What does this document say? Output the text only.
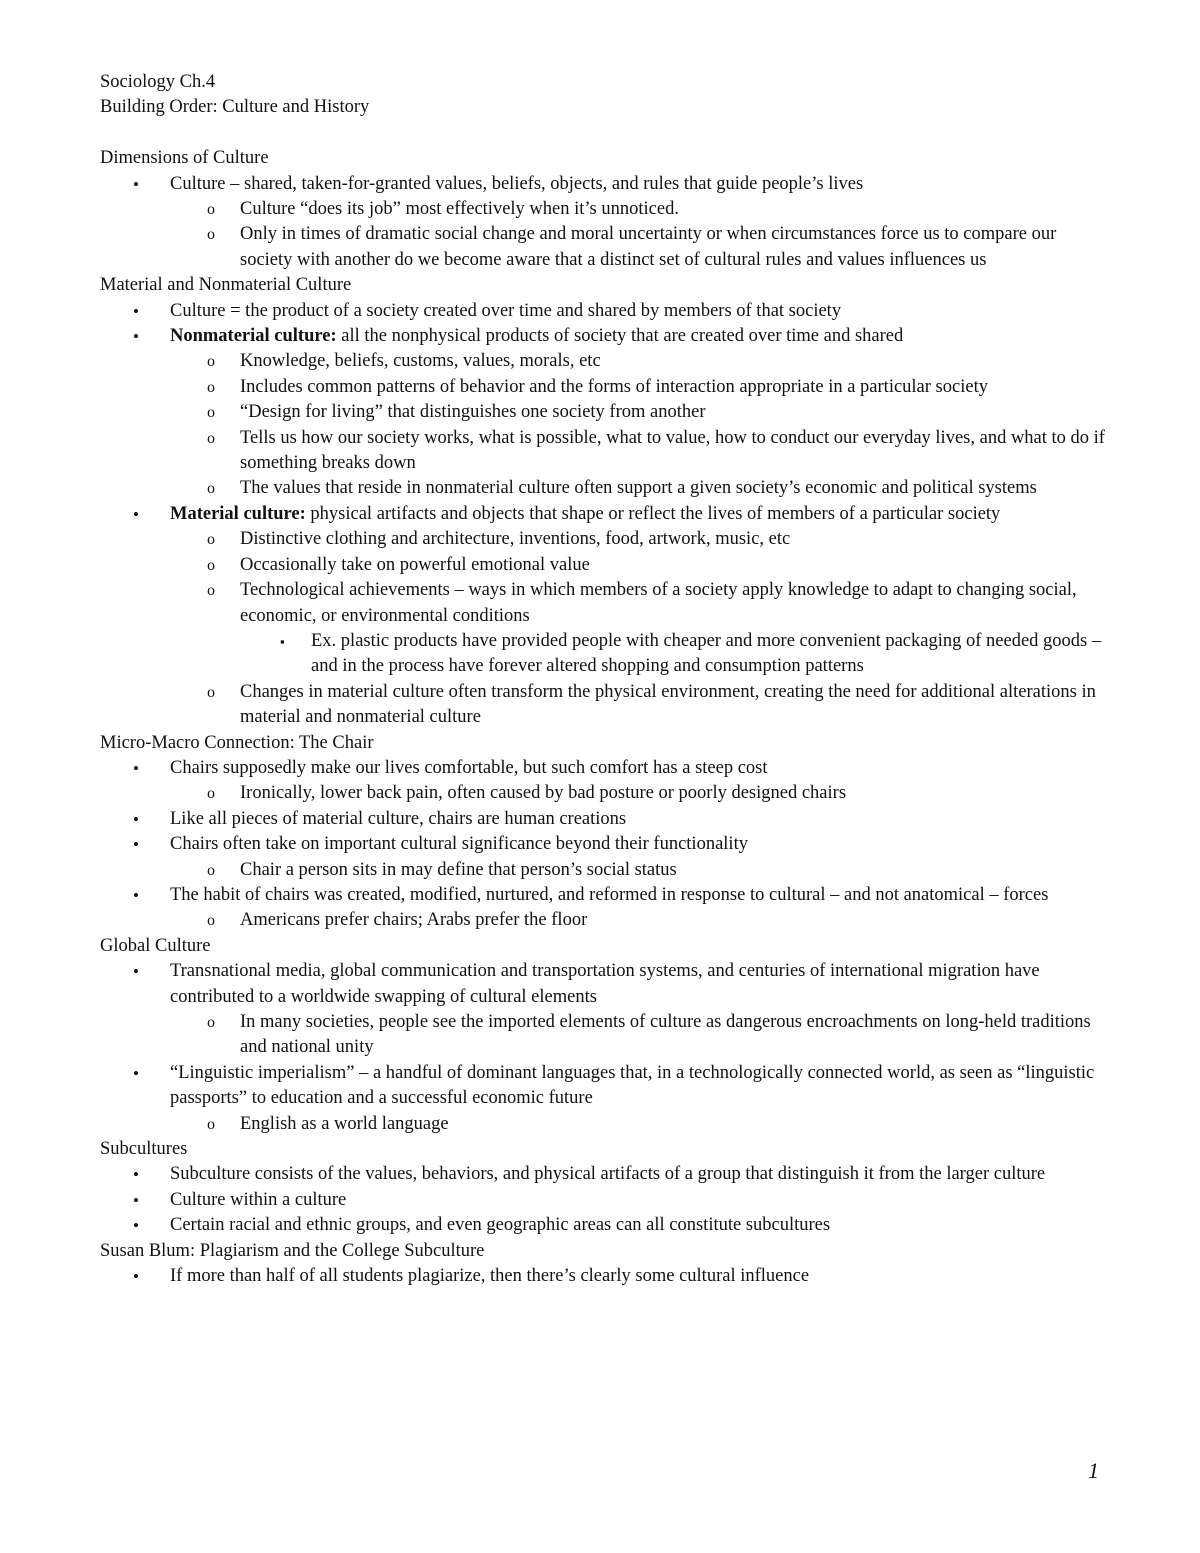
Sociology Ch.4

Building Order: Culture and History

Dimensions of Culture

• Culture – shared, taken-for-granted values, beliefs, objects, and rules that guide people’s lives
o Culture “does its job” most effectively when it’s unnoticed.
o Only in times of dramatic social change and moral uncertainty or when circumstances force us to compare our society with another do we become aware that a distinct set of cultural rules and values influences us

Material and Nonmaterial Culture

• Culture = the product of a society created over time and shared by members of that society
• Nonmaterial culture: all the nonphysical products of society that are created over time and shared
o Knowledge, beliefs, customs, values, morals, etc
o Includes common patterns of behavior and the forms of interaction appropriate in a particular society
o “Design for living” that distinguishes one society from another
o Tells us how our society works, what is possible, what to value, how to conduct our everyday lives, and what to do if something breaks down
o The values that reside in nonmaterial culture often support a given society’s economic and political systems
• Material culture: physical artifacts and objects that shape or reflect the lives of members of a particular society
o Distinctive clothing and architecture, inventions, food, artwork, music, etc
o Occasionally take on powerful emotional value
o Technological achievements – ways in which members of a society apply knowledge to adapt to changing social, economic, or environmental conditions
▪ Ex. plastic products have provided people with cheaper and more convenient packaging of needed goods – and in the process have forever altered shopping and consumption patterns
o Changes in material culture often transform the physical environment, creating the need for additional alterations in material and nonmaterial culture

Micro-Macro Connection: The Chair

• Chairs supposedly make our lives comfortable, but such comfort has a steep cost
o Ironically, lower back pain, often caused by bad posture or poorly designed chairs
• Like all pieces of material culture, chairs are human creations
• Chairs often take on important cultural significance beyond their functionality
o Chair a person sits in may define that person’s social status
• The habit of chairs was created, modified, nurtured, and reformed in response to cultural – and not anatomical – forces
o Americans prefer chairs; Arabs prefer the floor

Global Culture

• Transnational media, global communication and transportation systems, and centuries of international migration have contributed to a worldwide swapping of cultural elements
o In many societies, people see the imported elements of culture as dangerous encroachments on long-held traditions and national unity
• “Linguistic imperialism” – a handful of dominant languages that, in a technologically connected world, as seen as “linguistic passports” to education and a successful economic future
o English as a world language

Subcultures

• Subculture consists of the values, behaviors, and physical artifacts of a group that distinguish it from the larger culture
• Culture within a culture
• Certain racial and ethnic groups, and even geographic areas can all constitute subcultures

Susan Blum: Plagiarism and the College Subculture

• If more than half of all students plagiarize, then there’s clearly some cultural influence
1
